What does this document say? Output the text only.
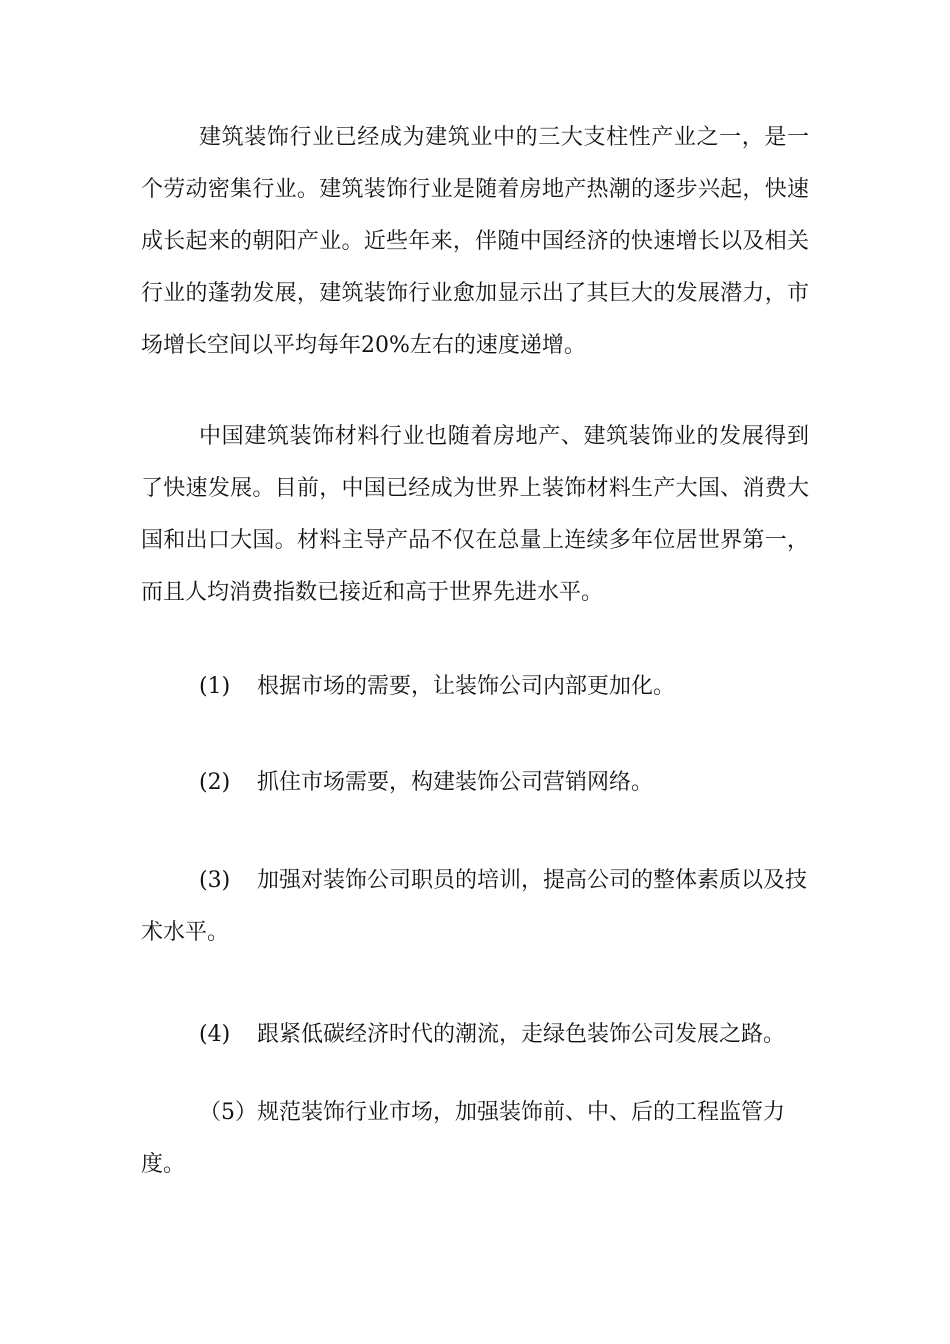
建筑装饰行业已经成为建筑业中的三大支柱性产业之一，是一个劳动密集行业。建筑装饰行业是随着房地产热潮的逐步兴起，快速成长起来的朝阳产业。近些年来，伴随中国经济的快速增长以及相关行业的蓬勃发展，建筑装饰行业愈加显示出了其巨大的发展潜力，市场增长空间以平均每年20%左右的速度递增。

中国建筑装饰材料行业也随着房地产、建筑装饰业的发展得到了快速发展。目前，中国已经成为世界上装饰材料生产大国、消费大国和出口大国。材料主导产品不仅在总量上连续多年位居世界第一，而且人均消费指数已接近和高于世界先进水平。

(1) 根据市场的需要，让装饰公司内部更加化。

(2) 抓住市场需要，构建装饰公司营销网络。

(3) 加强对装饰公司职员的培训，提高公司的整体素质以及技术水平。

(4) 跟紧低碳经济时代的潮流，走绿色装饰公司发展之路。

（5）规范装饰行业市场，加强装饰前、中、后的工程监管力度。
